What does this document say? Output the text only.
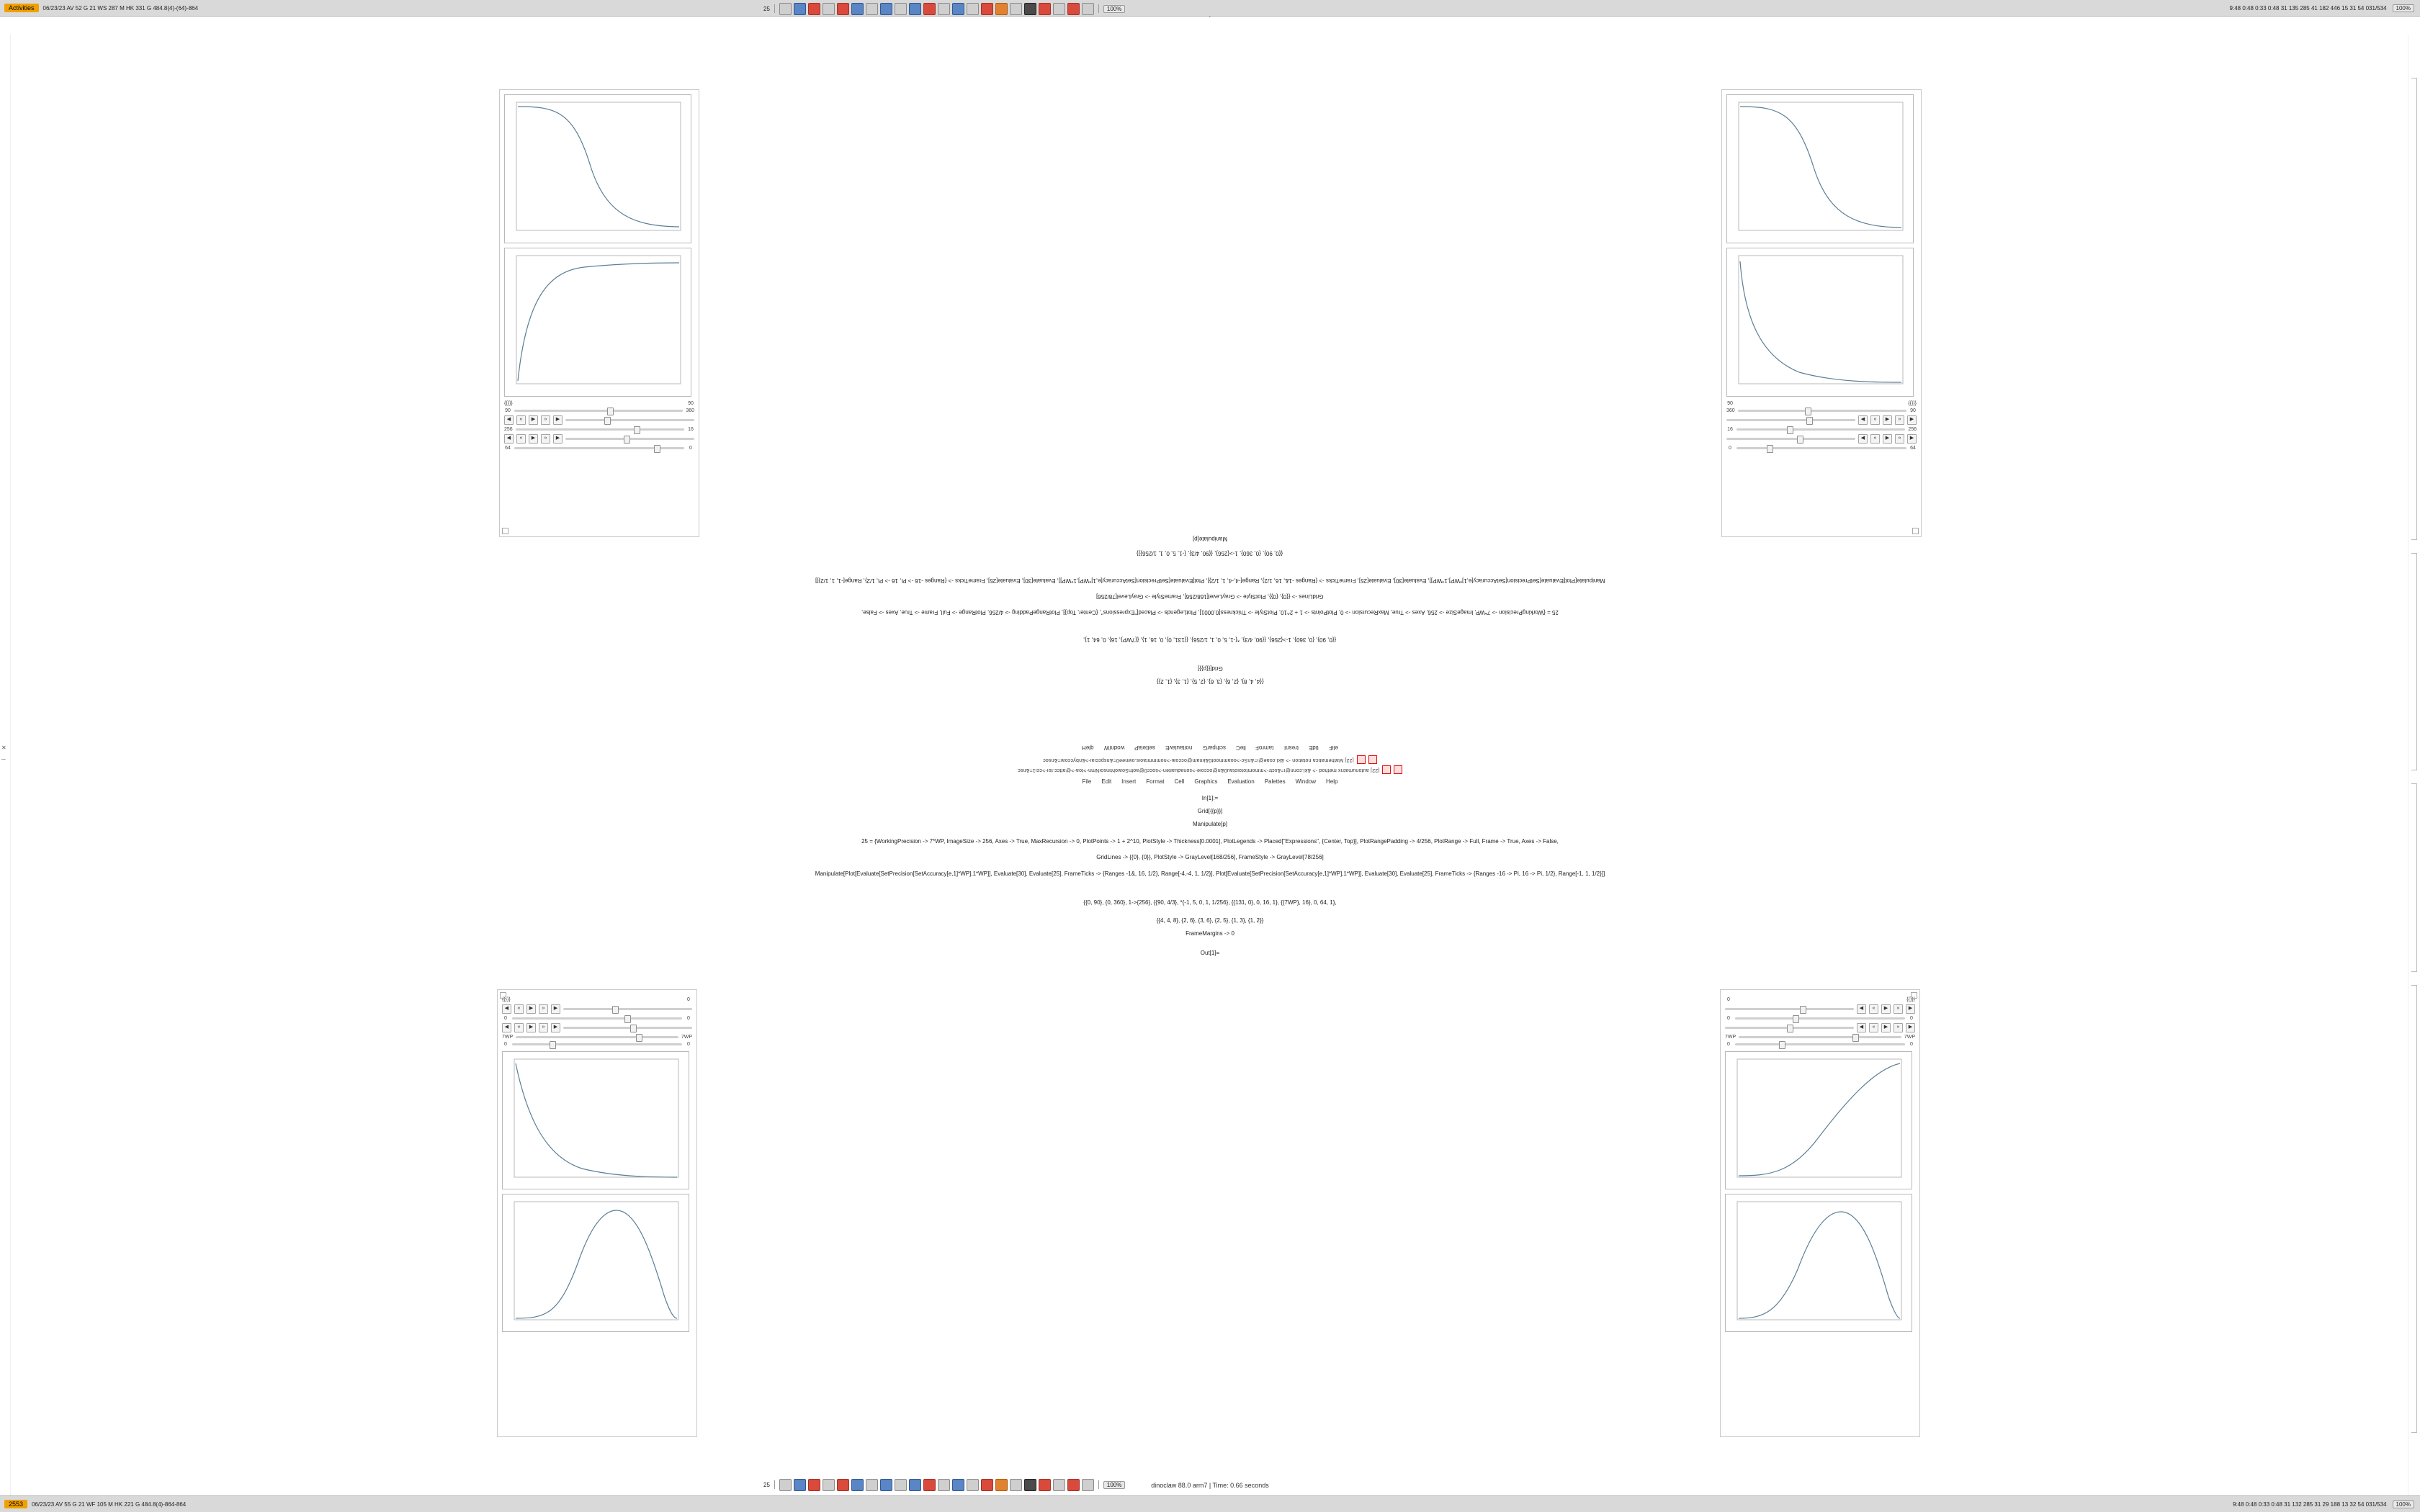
Activities	06/23/23 AV 52 G 21 WS 287 M HK 331 G 484.8(4)-(64)-864	9:48 0:48 0:33 0:48 31 135 285 41 182 446 15 31 54 031/534	100%
25	100%
{{}}}	90
90	360
◀	«	▶	»	▶
256	16
◀	«	▶	»	▶
64	0
90	{{}}}
360	90
◀	«	▶	»	▶
16	256
◀	«	▶	»	▶
0	64
Manipulate[p]
{{0, 90}, {0, 360}, 1->{256}, {{90, 4/3}, {-1, 5, 0, 1, 1/256}}}
Manipulate[Plot[Evaluate[SetPrecision[SetAccuracy[e,1]*WP],1*WP]], Evaluate[30], Evaluate[25], FrameTicks -> {Ranges -1&, 16, 1/2}, Range[-4,-4, 1, 1/2}], Plot[Evaluate[SetPrecision[SetAccuracy[e,1]*WP],1*WP]], Evaluate[30], Evaluate[25], FrameTicks -> {Ranges -16 -> Pi, 16 -> Pi, 1/2}, Range[-1, 1, 1/2}]]
GridLines -> {{0}, {0}}, PlotStyle -> GrayLevel[168/256], FrameStyle -> GrayLevel[78/256]
25 = {WorkingPrecision -> 7*WP, ImageSize -> 256, Axes -> True, MaxRecursion -> 0, PlotPoints -> 1 + 2^10, PlotStyle -> Thickness[0.0001], PlotLegends -> Placed["Expressions", {Center, Top}], PlotRangePadding -> 4/256, PlotRange -> Full, Frame -> True, Axes -> False,
{{0, 90}, {0, 360}, 1->{256}, {{90, 4/3}, *{-1, 5, 0, 1, 1/256}, {{131, 0}, 0, 16, 1}, {{7WP}, 16}, 0, 64, 1},
Grid[{{p}}]
{{4, 4, 8}, {2, 6}, {3, 6}, {2, 5}, {1, 3}, {1, 2}}
qleH wodniW settelaP noitaulavE scihparG lleC tamroF tresnI tidE eliF
[22] Mathematica notation -> &kl.coae@i=&nSc->ooammoot0&knam@occoai->nommmtaois.ownee0=&nspcciai->&nbyccoai=&nsoc
[22] autonumatrix method -> &kl.conn@i=&sctr->mmomtotoiotau0&n@occoie->sonaduaiten->socc0@aofnSoaiohtinsoiNmn->toa->@attcc.toi->cci1=&nsc
File Edit Insert Format Cell Graphics Evaluation Palettes Window Help
✕
─
In[1]:=
Grid[{{p}}]
Manipulate[p]
25 = {WorkingPrecision -> 7*WP, ImageSize -> 256, Axes -> True, MaxRecursion -> 0, PlotPoints -> 1 + 2^10, PlotStyle -> Thickness[0.0001], PlotLegends -> Placed["Expressions", {Center, Top}], PlotRangePadding -> 4/256, PlotRange -> Full, Frame -> True, Axes -> False,
GridLines -> {{0}, {0}}, PlotStyle -> GrayLevel[168/256], FrameStyle -> GrayLevel[78/256]
Manipulate[Plot[Evaluate[SetPrecision[SetAccuracy[e,1]*WP],1*WP]], Evaluate[30], Evaluate[25], FrameTicks -> {Ranges -1&, 16, 1/2}, Range[-4,-4, 1, 1/2}], Plot[Evaluate[SetPrecision[SetAccuracy[e,1]*WP],1*WP]], Evaluate[30], Evaluate[25], FrameTicks -> {Ranges -16 -> Pi, 16 -> Pi, 1/2}, Range[-1, 1, 1/2}]]
{{0, 90}, {0, 360}, 1->{256}, {{90, 4/3}, *{-1, 5, 0, 1, 1/256}, {{131, 0}, 0, 16, 1}, {{7WP}, 16}, 0, 64, 1},
{{4, 4, 8}, {2, 6}, {3, 6}, {2, 5}, {1, 3}, {1, 2}}
FrameMargins -> 0
Out[1]=
{{}}}	0
◀	«	▶	»	▶
0	0
◀	«	▶	»	▶
7WP	7WP
0	0
0	{{}}}
◀	«	▶	»	▶
0	0
◀	«	▶	»	▶
7WP	7WP
0	0
dinoclaw 88.0 arm7 | Time: 0.66 seconds
2553	06/23/23 AV 55 G 21 WF 105 M HK 221 G 484.8(4)-864-864	9:48 0:48 0:33 0:48 31 132 285 31 29 188 13 32 54 031/534	100%
25	100%
